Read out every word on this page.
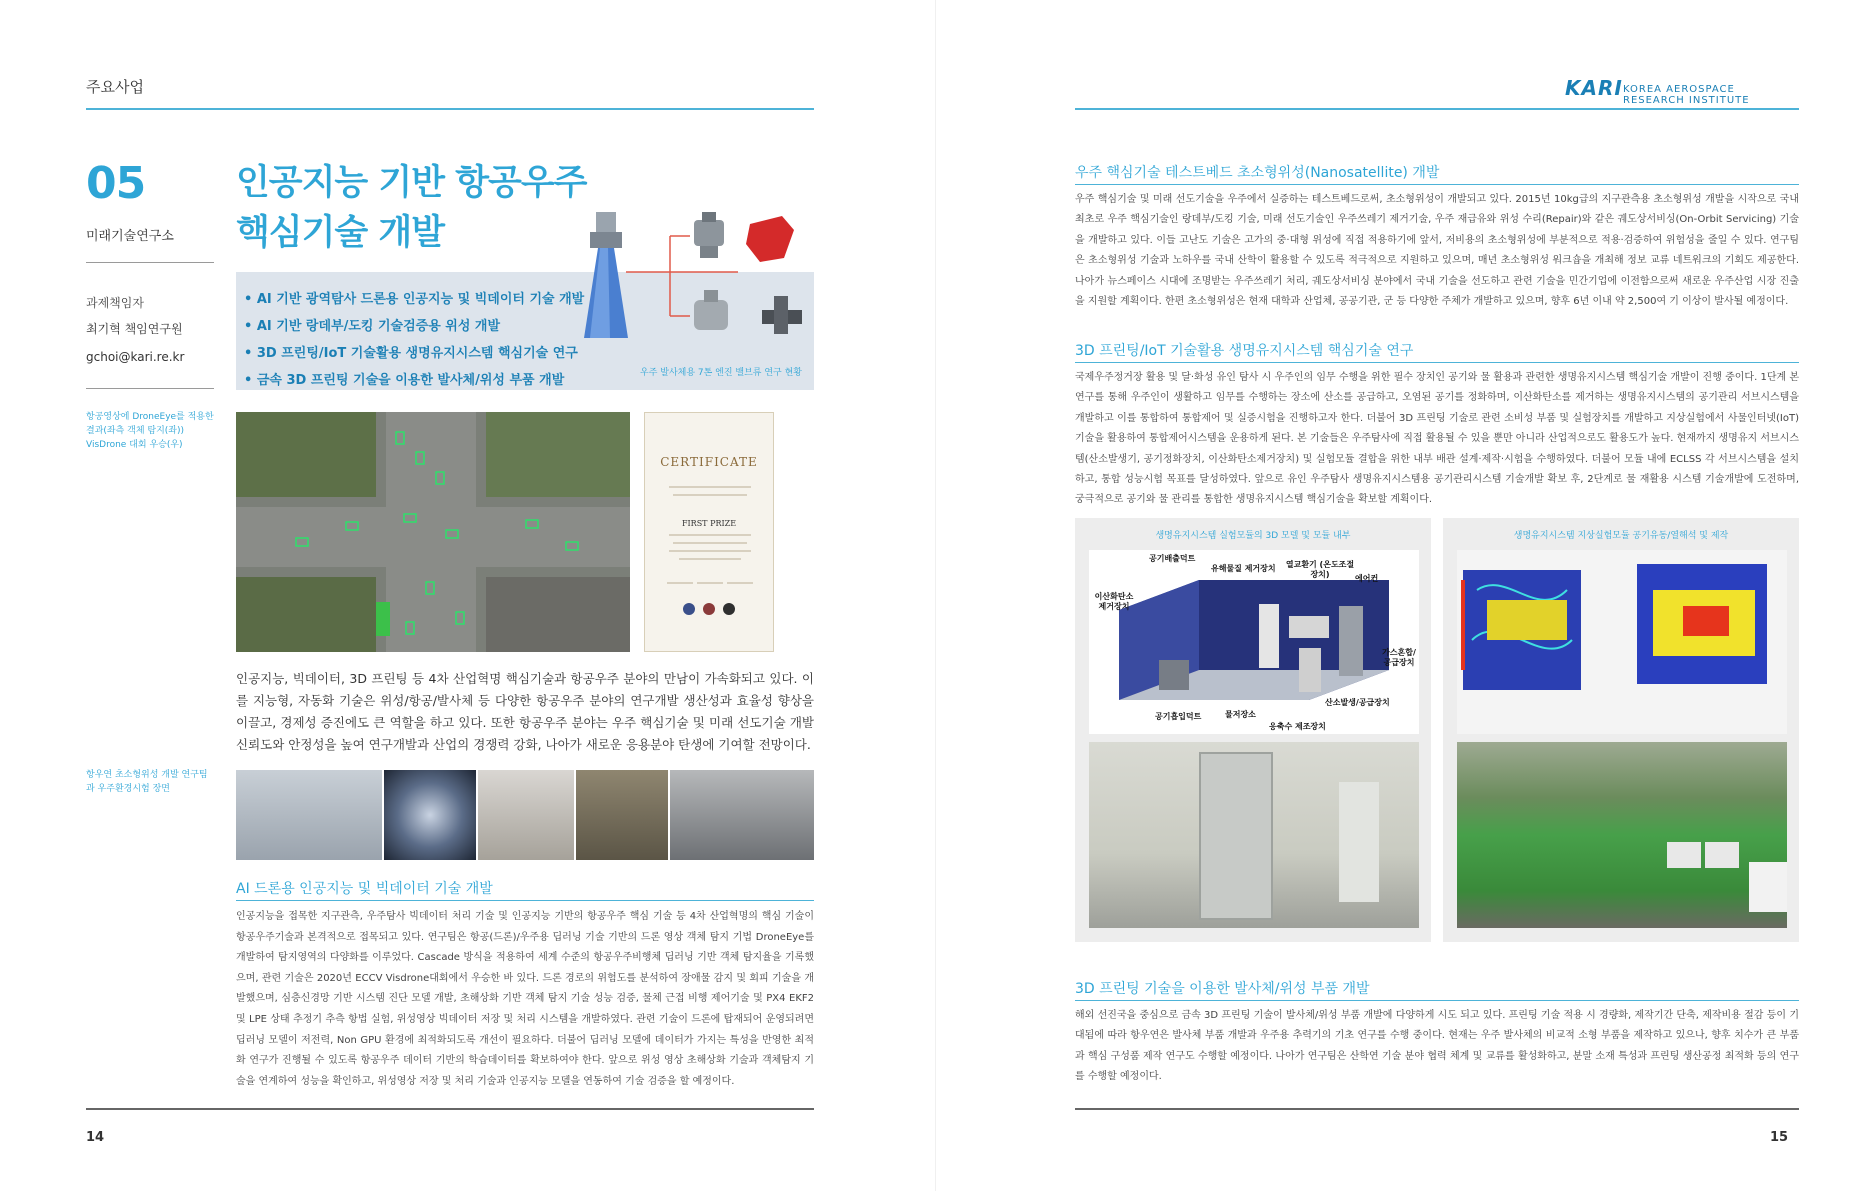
주요사업
05
미래기술연구소
과제책임자
최기혁 책임연구원
gchoi@kari.re.kr
항공영상에 DroneEye를 적용한 결과(좌측 객체 탐지(좌)) VisDrone 대회 우승(우)
항우연 초소형위성 개발 연구팀과 우주환경시험 장면
인공지능 기반 항공우주
핵심기술 개발
• AI 기반 광역탐사 드론용 인공지능 및 빅데이터 기술 개발
• AI 기반 랑데부/도킹 기술검증용 위성 개발
• 3D 프린팅/IoT 기술활용 생명유지시스템 핵심기술 연구
• 금속 3D 프린팅 기술을 이용한 발사체/위성 부품 개발	우주 발사체용 7톤 엔진 밸브류 연구 현황
CERTIFICATE
FIRST PRIZE
인공지능, 빅데이터, 3D 프린팅 등 4차 산업혁명 핵심기술과 항공우주 분야의 만남이 가속화되고 있다. 이를 지능형, 자동화 기술은 위성/항공/발사체 등 다양한 항공우주 분야의 연구개발 생산성과 효율성 향상을 이끌고, 경제성 증진에도 큰 역할을 하고 있다. 또한 항공우주 분야는 우주 핵심기술 및 미래 선도기술 개발 신뢰도와 안정성을 높여 연구개발과 산업의 경쟁력 강화, 나아가 새로운 응용분야 탄생에 기여할 전망이다.
AI 드론용 인공지능 및 빅데이터 기술 개발
인공지능을 접목한 지구관측, 우주탐사 빅데이터 처리 기술 및 인공지능 기반의 항공우주 핵심 기술 등 4차 산업혁명의 핵심 기술이 항공우주기술과 본격적으로 접목되고 있다. 연구팀은 항공(드론)/우주용 딥러닝 기술 기반의 드론 영상 객체 탐지 기법 DroneEye를 개발하여 탐지영역의 다양화를 이루었다. Cascade 방식을 적용하여 세계 수준의 항공우주비행체 딥러닝 기반 객체 탐지율을 기록했으며, 관련 기술은 2020년 ECCV Visdrone대회에서 우승한 바 있다. 드론 경로의 위험도를 분석하여 장애물 감지 및 회피 기술을 개발했으며, 심층신경망 기반 시스템 진단 모델 개발, 초해상화 기반 객체 탐지 기술 성능 검증, 물체 근접 비행 제어기술 및 PX4 EKF2 및 LPE 상태 추정기 추측 항법 실험, 위성영상 빅데이터 저장 및 처리 시스템을 개발하였다. 관련 기술이 드론에 탑재되어 운영되려면 딥러닝 모델이 저전력, Non GPU 환경에 최적화되도록 개선이 필요하다. 더불어 딥러닝 모델에 데이터가 가지는 특성을 반영한 최적화 연구가 진행될 수 있도록 항공우주 데이터 기반의 학습데이터를 확보하여야 한다. 앞으로 위성 영상 초해상화 기술과 객체탐지 기술을 연계하여 성능을 확인하고, 위성영상 저장 및 처리 기술과 인공지능 모델을 연동하여 기술 검증을 할 예정이다.
14
KARI KOREA AEROSPACE RESEARCH INSTITUTE
우주 핵심기술 테스트베드 초소형위성(Nanosatellite) 개발
우주 핵심기술 및 미래 선도기술을 우주에서 실증하는 테스트베드로써, 초소형위성이 개발되고 있다. 2015년 10kg급의 지구관측용 초소형위성 개발을 시작으로 국내 최초로 우주 핵심기술인 랑데부/도킹 기술, 미래 선도기술인 우주쓰레기 제거기술, 우주 재급유와 위성 수리(Repair)와 같은 궤도상서비싱(On-Orbit Servicing) 기술을 개발하고 있다. 이들 고난도 기술은 고가의 중·대형 위성에 직접 적용하기에 앞서, 저비용의 초소형위성에 부분적으로 적용·검증하여 위험성을 줄일 수 있다. 연구팀은 초소형위성 기술과 노하우를 국내 산학이 활용할 수 있도록 적극적으로 지원하고 있으며, 매년 초소형위성 워크숍을 개최해 정보 교류 네트워크의 기회도 제공한다. 나아가 뉴스페이스 시대에 조명받는 우주쓰레기 처리, 궤도상서비싱 분야에서 국내 기술을 선도하고 관련 기술을 민간기업에 이전함으로써 새로운 우주산업 시장 진출을 지원할 계획이다. 한편 초소형위성은 현재 대학과 산업체, 공공기관, 군 등 다양한 주체가 개발하고 있으며, 향후 6년 이내 약 2,500여 기 이상이 발사될 예정이다.
3D 프린팅/IoT 기술활용 생명유지시스템 핵심기술 연구
국제우주정거장 활용 및 달·화성 유인 탐사 시 우주인의 임무 수행을 위한 필수 장치인 공기와 물 활용과 관련한 생명유지시스템 핵심기술 개발이 진행 중이다. 1단계 본 연구를 통해 우주인이 생활하고 임무를 수행하는 장소에 산소를 공급하고, 오염된 공기를 정화하며, 이산화탄소를 제거하는 생명유지시스템의 공기관리 서브시스템을 개발하고 이를 통합하여 통합제어 및 실증시험을 진행하고자 한다. 더불어 3D 프린팅 기술로 관련 소비성 부품 및 실험장치를 개발하고 지상실험에서 사물인터넷(IoT) 기술을 활용하여 통합제어시스템을 운용하게 된다. 본 기술들은 우주탐사에 직접 활용될 수 있을 뿐만 아니라 산업적으로도 활용도가 높다. 현재까지 생명유지 서브시스템(산소발생기, 공기정화장치, 이산화탄소제거장치) 및 실험모듈 결합을 위한 내부 배관 설계·제작·시험을 수행하였다. 더불어 모듈 내에 ECLSS 각 서브시스템을 설치하고, 통합 성능시험 목표를 달성하였다. 앞으로 유인 우주탐사 생명유지시스템용 공기관리시스템 기술개발 확보 후, 2단계로 물 재활용 시스템 기술개발에 도전하며, 궁극적으로 공기와 물 관리를 통합한 생명유지시스템 핵심기술을 확보할 계획이다.
생명유지시스템 실험모듈의 3D 모델 및 모듈 내부
공기배출덕트
유해물질 제거장치 열교환기 (온도조절장치)	에어컨
이산화탄소 제거장치
가스혼합/ 공급장치
산소발생/공급장치
공기흡입덕트	물저장소
응축수 제조장치
생명유지시스템 지상실험모듈 공기유동/열해석 및 제작
3D 프린팅 기술을 이용한 발사체/위성 부품 개발
해외 선진국을 중심으로 금속 3D 프린팅 기술이 발사체/위성 부품 개발에 다양하게 시도 되고 있다. 프린팅 기술 적용 시 경량화, 제작기간 단축, 제작비용 절감 등이 기대됨에 따라 항우연은 발사체 부품 개발과 우주용 추력기의 기초 연구를 수행 중이다. 현재는 우주 발사체의 비교적 소형 부품을 제작하고 있으나, 향후 치수가 큰 부품과 핵심 구성품 제작 연구도 수행할 예정이다. 나아가 연구팀은 산학연 기술 분야 협력 체계 및 교류를 활성화하고, 분말 소재 특성과 프린팅 생산공정 최적화 등의 연구를 수행할 예정이다.
15
